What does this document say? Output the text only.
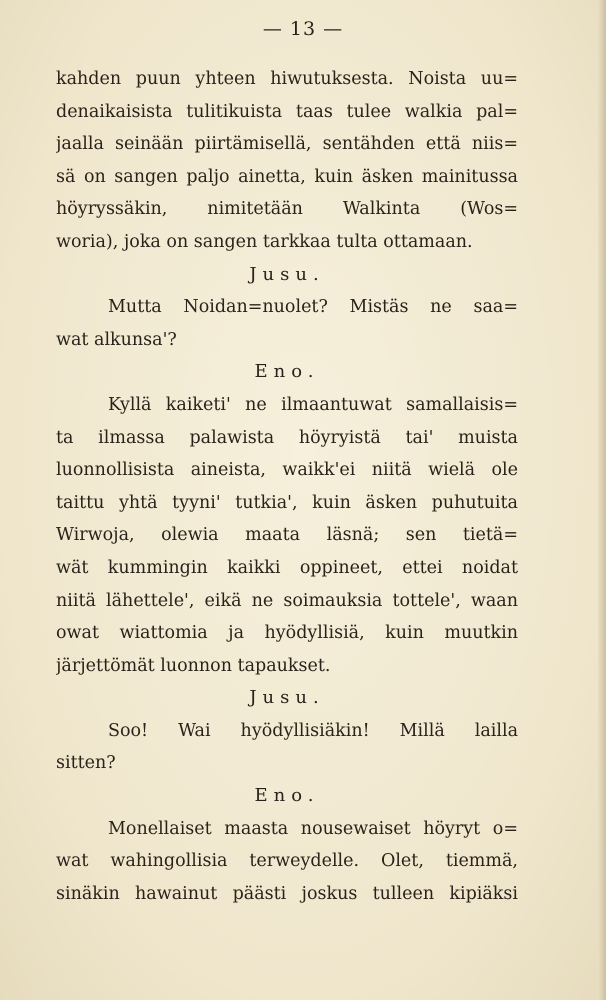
— 13 —
kahden puun yhteen hiwutuksesta. Noista uu=
denaikaisista tulitikuista taas tulee walkia pal=
jaalla seinään piirtämisellä, sentähden että niis=
sä on sangen paljo ainetta, kuin äsken mainitussa
höyryssäkin, nimitetään Walkinta (Wos=
woria), joka on sangen tarkkaa tulta ottamaan.
Jusu.
Mutta Noidan=nuolet? Mistäs ne saa=
wat alkunsa'?
Eno.
Kyllä kaiketi' ne ilmaantuwat samallaisis=
ta ilmassa palawista höyryistä tai' muista
luonnollisista aineista, waikk'ei niitä wielä ole
taittu yhtä tyyni' tutkia', kuin äsken puhutuita
Wirwoja, olewia maata läsnä; sen tietä=
wät kummingin kaikki oppineet, ettei noidat
niitä lähettele', eikä ne soimauksia tottele', waan
owat wiattomia ja hyödyllisiä, kuin muutkin
järjettömät luonnon tapaukset.
Jusu.
Soo! Wai hyödyllisiäkin! Millä lailla
sitten?
Eno.
Monellaiset maasta nousewaiset höyryt o=
wat wahingollisia terweydelle. Olet, tiemmä,
sinäkin hawainut päästi joskus tulleen kipiäksi
